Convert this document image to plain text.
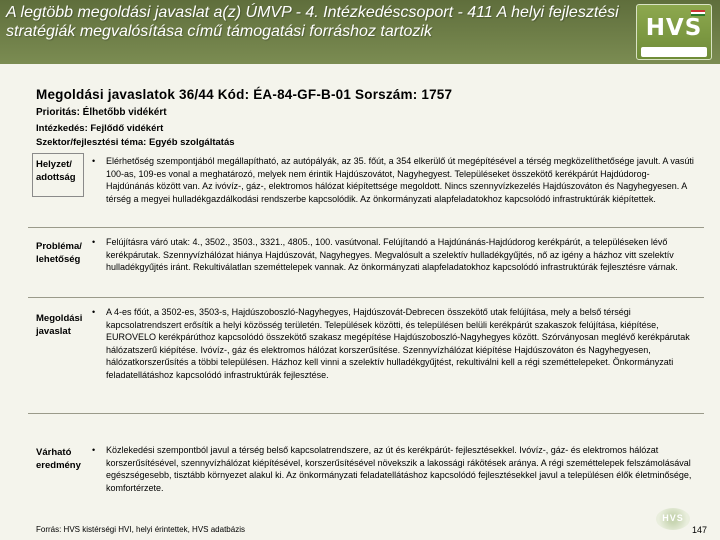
A legtöbb megoldási javaslat a(z) ÚMVP - 4. Intézkedéscsoport - 411 A helyi fejlesztési stratégiák megvalósítása című támogatási forráshoz tartozik	HVS
Megoldási javaslatok 36/44 Kód: ÉA-84-GF-B-01 Sorszám: 1757
Prioritás: Élhetőbb vidékért
Intézkedés: Fejlődő vidékért
Szektor/fejlesztési téma: Egyéb szolgáltatás
Helyzet/ adottság
• Elérhetőség szempontjából megállapítható, az autópályák, az 35. főút, a 354 elkerülő út megépítésével a térség megközelíthetősége javult. A vasúti 100-as, 109-es vonal a meghatározó, melyek nem érintik Hajdúszovátot, Nagyhegyest. Településeket összekötő kerékpárút Hajdúdorog-Hajdúnánás között van. Az ivóvíz-, gáz-, elektromos hálózat kiépítettsége megoldott. Nincs szennyvízkezelés Hajdúszováton és Nagyhegyesen. A térség a megyei hulladékgazdálkodási rendszerbe kapcsolódik. Az önkormányzati alapfeladatokhoz kapcsolódó infrastruktúrák kiépítettek.
Probléma/ lehetőség
• Felújításra váró utak: 4., 3502., 3503., 3321., 4805., 100. vasútvonal. Felújítandó a Hajdúnánás-Hajdúdorog kerékpárút, a településeken lévő kerékpárutak. Szennyvízhálózat hiánya Hajdúszovát, Nagyhegyes. Megvalósult a szelektív hulladékgyűjtés, nő az igény a házhoz vitt szelektív hulladékgyűjtés iránt. Rekultiválatlan szeméttelepek vannak. Az önkormányzati alapfeladatokhoz kapcsolódó infrastruktúrák fejlesztésre várnak.
Megoldási javaslat
• A 4-es főút, a 3502-es, 3503-s, Hajdúszoboszló-Nagyhegyes, Hajdúszovát-Debrecen összekötő utak felújítása, mely a belső térségi kapcsolatrendszert erősítik a helyi közösség területén. Települések közötti, és településen belüli kerékpárút szakaszok felújítása, kiépítése, EUROVELO kerékpárúthoz kapcsolódó összekötő szakasz megépítése Hajdúszoboszló-Nagyhegyes között. Szórványosan meglévő kerékpárutak hálózatszerű kiépítése. Ivóvíz-, gáz és elektromos hálózat korszerűsítése. Szennyvízhálózat kiépítése Hajdúszováton és Nagyhegyesen, hálózatkorszerűsítés a többi településen. Házhoz kell vinni a szelektív hulladékgyűjtést, rekultiválni kell a régi szeméttelepeket. Önkormányzati feladatellátáshoz kapcsolódó infrastruktúrák fejlesztése.
Várható eredmény
• Közlekedési szempontból javul a térség belső kapcsolatrendszere, az út és kerékpárút- fejlesztésekkel. Ivóvíz-, gáz- és elektromos hálózat korszerűsítésével, szennyvízhálózat kiépítésével, korszerűsítésével növekszik a lakossági rákötések aránya. A régi szeméttelepek felszámolásával egészségesebb, tisztább környezet alakul ki. Az önkormányzati feladatellátáshoz kapcsolódó fejlesztésekkel javul a településen élők életminősége, komfortérzete.
Forrás: HVS kistérségi HVI, helyi érintettek, HVS adatbázis
HVS
147
